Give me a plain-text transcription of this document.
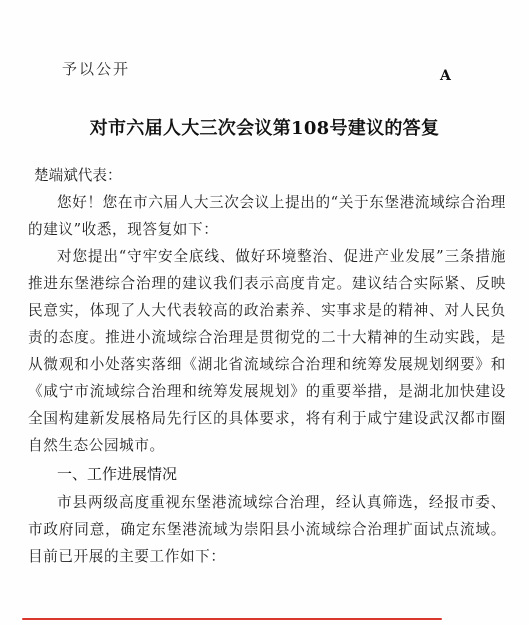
予以公开	A
对市六届人大三次会议第108号建议的答复

楚端斌代表：

您好！您在市六届人大三次会议上提出的“关于东堡港流域综合治理的建议”收悉，现答复如下：

对您提出“守牢安全底线、做好环境整治、促进产业发展”三条措施推进东堡港综合治理的建议我们表示高度肯定。建议结合实际紧、反映民意实，体现了人大代表较高的政治素养、实事求是的精神、对人民负责的态度。推进小流域综合治理是贯彻党的二十大精神的生动实践，是从微观和小处落实落细《湖北省流域综合治理和统筹发展规划纲要》和《咸宁市流域综合治理和统筹发展规划》的重要举措，是湖北加快建设全国构建新发展格局先行区的具体要求，将有利于咸宁建设武汉都市圈自然生态公园城市。

一、工作进展情况

市县两级高度重视东堡港流域综合治理，经认真筛选，经报市委、市政府同意，确定东堡港流域为崇阳县小流域综合治理扩面试点流域。目前已开展的主要工作如下：
